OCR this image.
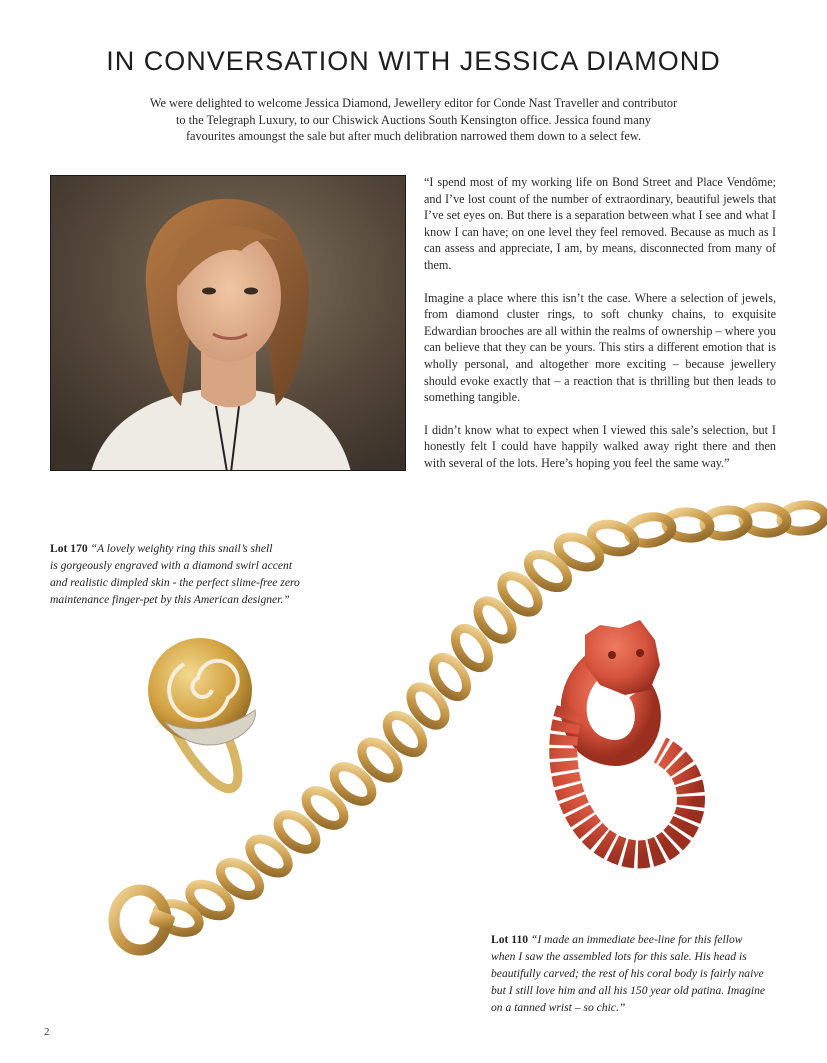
IN CONVERSATION WITH JESSICA DIAMOND
We were delighted to welcome Jessica Diamond, Jewellery editor for Conde Nast Traveller and contributor
to the Telegraph Luxury, to our Chiswick Auctions South Kensington office. Jessica found many
favourites amoungst the sale but after much delibration narrowed them down to a select few.

“I spend most of my working life on Bond Street and Place Vendôme; and I’ve lost count of the number of extraordinary, beautiful jewels that I’ve set eyes on. But there is a separation between what I see and what I know I can have; on one level they feel removed. Because as much as I can assess and appreciate, I am, by means, disconnected from many of them.

Imagine a place where this isn’t the case. Where a selection of jewels, from diamond cluster rings, to soft chunky chains, to exquisite Edwardian brooches are all within the realms of ownership – where you can believe that they can be yours. This stirs a different emotion that is wholly personal, and altogether more exciting – because jewellery should evoke exactly that – a reaction that is thrilling but then leads to something tangible.

I didn’t know what to expect when I viewed this sale’s selection, but I honestly felt I could have happily walked away right there and then with several of the lots. Here’s hoping you feel the same way.”

Lot 170 “A lovely weighty ring this snail’s shell
is gorgeously engraved with a diamond swirl accent
and realistic dimpled skin - the perfect slime-free zero
maintenance finger-pet by this American designer.”
Lot 110 “I made an immediate bee-line for this fellow
when I saw the assembled lots for this sale. His head is
beautifully carved; the rest of his coral body is fairly naive
but I still love him and all his 150 year old patina. Imagine
on a tanned wrist – so chic.”
2
